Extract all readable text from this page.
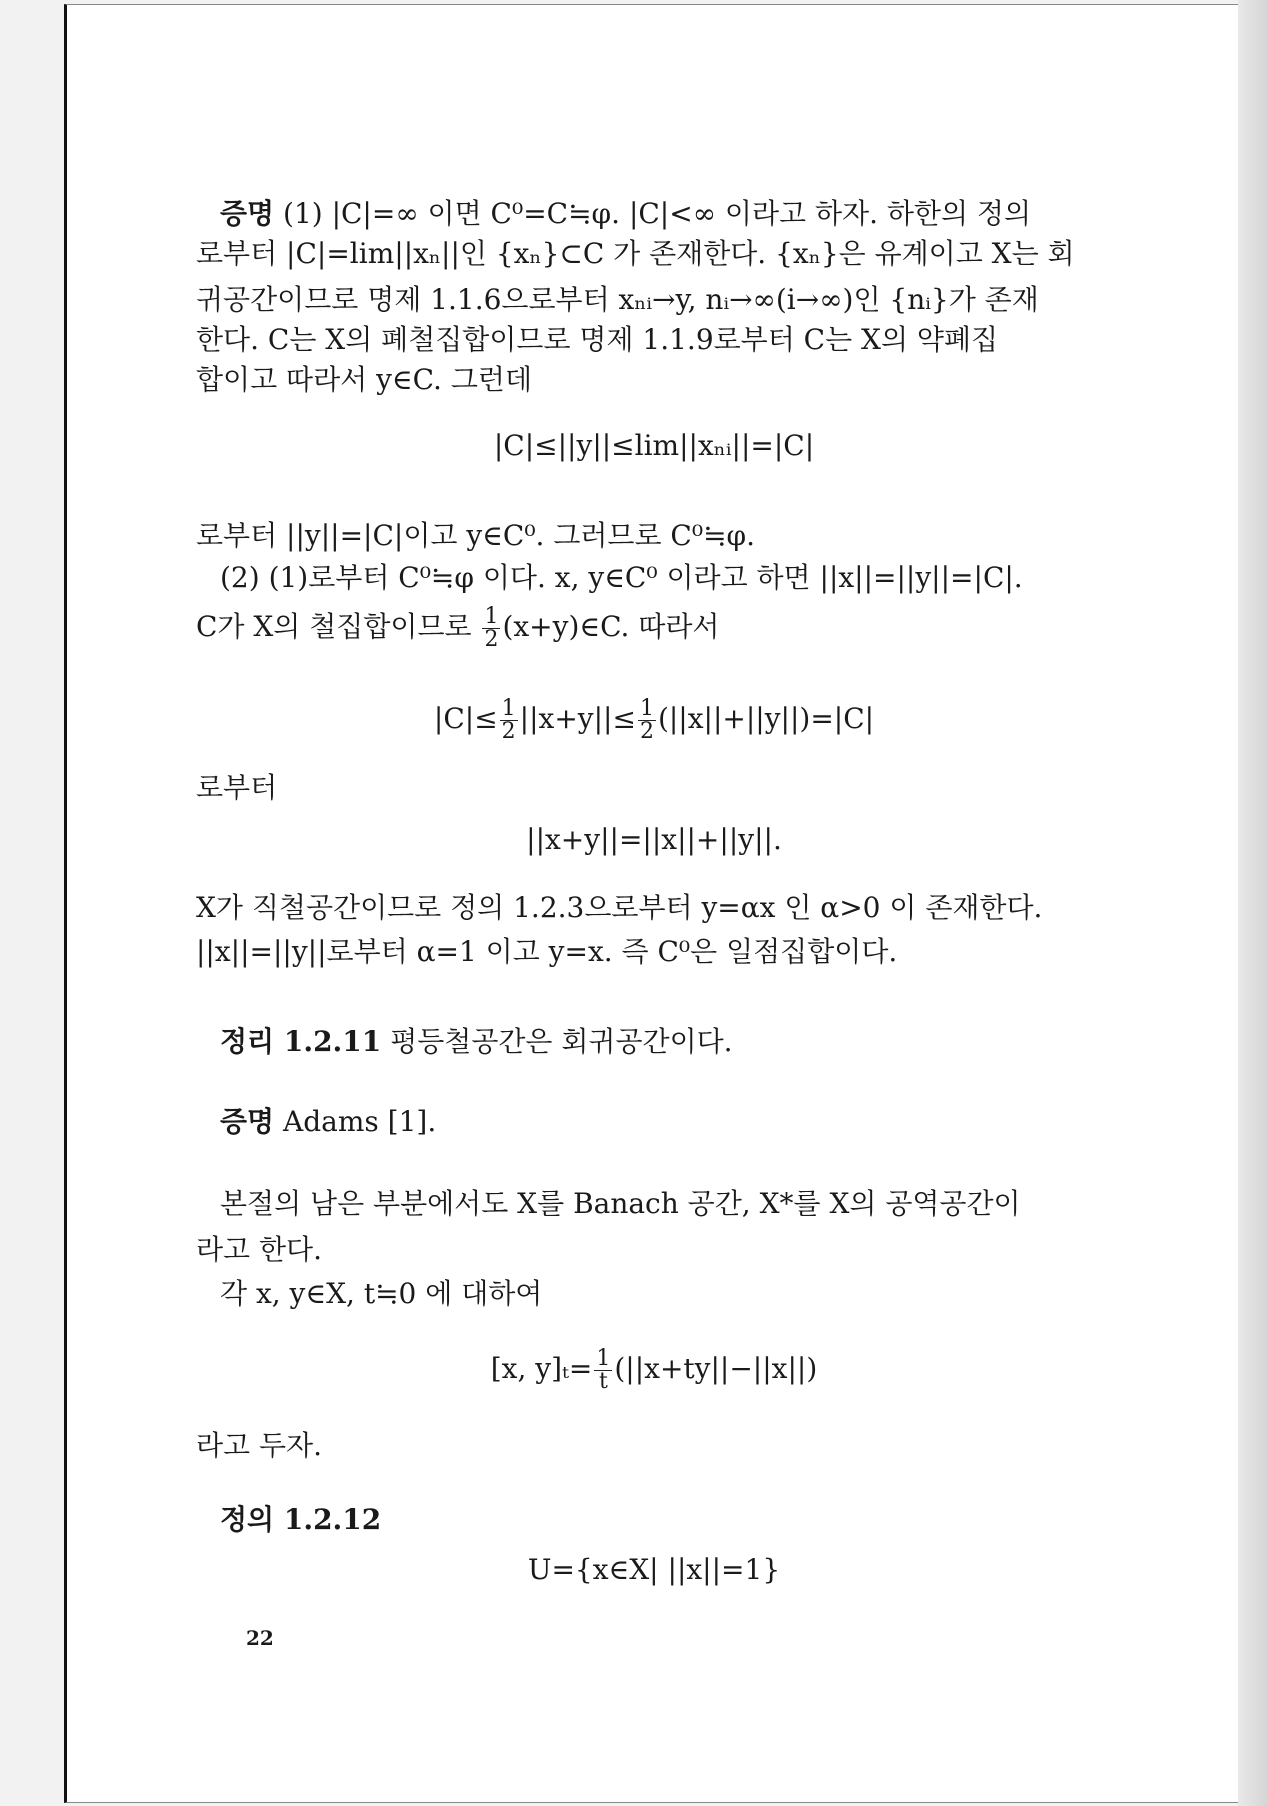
증명 (1) |C|=∞ 이면 C⁰=C≒φ. |C|<∞ 이라고 하자. 하한의 정의
로부터 |C|=lim||xₙ||인 {xₙ}⊂C 가 존재한다. {xₙ}은 유계이고 X는 회
귀공간이므로 명제 1.1.6으로부터 xₙᵢ→y, nᵢ→∞(i→∞)인 {nᵢ}가 존재
한다. C는 X의 폐철집합이므로 명제 1.1.9로부터 C는 X의 약폐집
합이고 따라서 y∈C. 그런데
|C|≤||y||≤lim||xₙᵢ||=|C|
로부터 ||y||=|C|이고 y∈C⁰. 그러므로 C⁰≒φ.
(2) (1)로부터 C⁰≒φ 이다. x, y∈C⁰ 이라고 하면 ||x||=||y||=|C|.
C가 X의 철집합이므로 $\frac{1}{2}$ (x+y)∈C. 따라서
$|C|\le \frac{1}{2} ||x+y||\le \frac{1}{2} (||x||+||y||)=|C|$
로부터
||x+y||=||x||+||y||.
X가 직철공간이므로 정의 1.2.3으로부터 y=αx 인 α>0 이 존재한다.
||x||=||y||로부터 α=1 이고 y=x. 즉 C⁰은 일점집합이다.
정리 1.2.11 평등철공간은 회귀공간이다.
증명 Adams [1].
본절의 남은 부분에서도 X를 Banach 공간, X*를 X의 공역공간이
라고 한다.
각 x, y∈X, t≒0 에 대하여
[x, $y]_t= \frac{1}{t} (||x+ty||-||x||)$
라고 두자.
정의 1.2.12
U={x∈X| ||x||=1}
22
